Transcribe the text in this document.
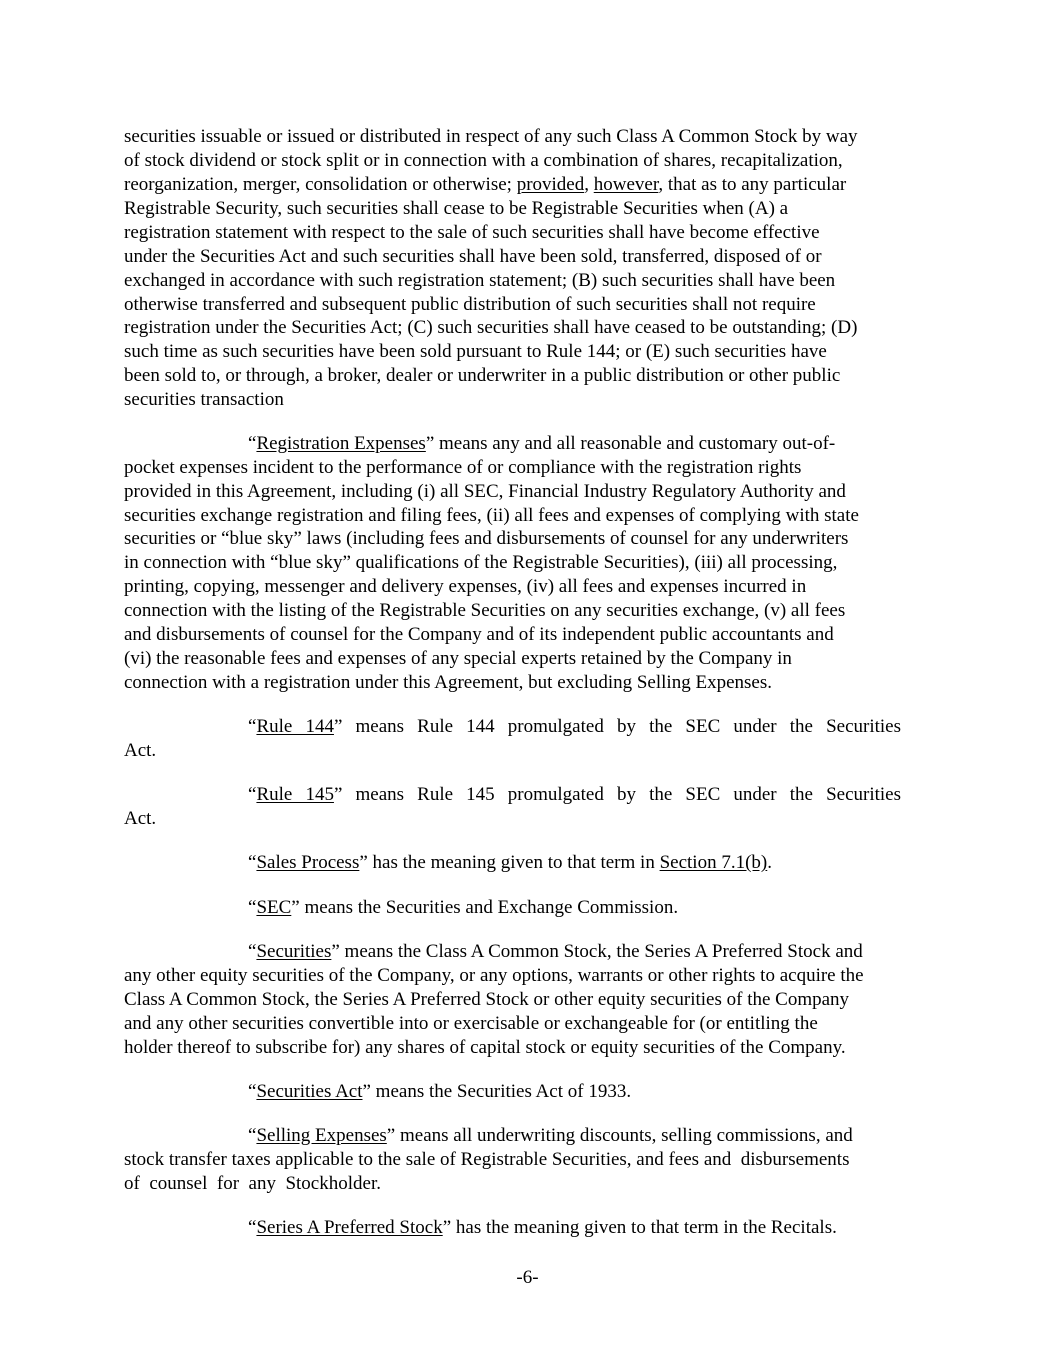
securities issuable or issued or distributed in respect of any such Class A Common Stock by way
of stock dividend or stock split or in connection with a combination of shares, recapitalization,
reorganization, merger, consolidation or otherwise; provided, however, that as to any particular
Registrable Security, such securities shall cease to be Registrable Securities when (A) a
registration statement with respect to the sale of such securities shall have become effective
under the Securities Act and such securities shall have been sold, transferred, disposed of or
exchanged in accordance with such registration statement; (B) such securities shall have been
otherwise transferred and subsequent public distribution of such securities shall not require
registration under the Securities Act; (C) such securities shall have ceased to be outstanding; (D)
such time as such securities have been sold pursuant to Rule 144; or (E) such securities have
been sold to, or through, a broker, dealer or underwriter in a public distribution or other public
securities transaction
“Registration Expenses” means any and all reasonable and customary out-of-
pocket expenses incident to the performance of or compliance with the registration rights
provided in this Agreement, including (i) all SEC, Financial Industry Regulatory Authority and
securities exchange registration and filing fees, (ii) all fees and expenses of complying with state
securities or “blue sky” laws (including fees and disbursements of counsel for any underwriters
in connection with “blue sky” qualifications of the Registrable Securities), (iii) all processing,
printing, copying, messenger and delivery expenses, (iv) all fees and expenses incurred in
connection with the listing of the Registrable Securities on any securities exchange, (v) all fees
and disbursements of counsel for the Company and of its independent public accountants and
(vi) the reasonable fees and expenses of any special experts retained by the Company in
connection with a registration under this Agreement, but excluding Selling Expenses.
“Rule 144” means Rule 144 promulgated by the SEC under the Securities
Act.
“Rule 145” means Rule 145 promulgated by the SEC under the Securities
Act.
“Sales Process” has the meaning given to that term in Section 7.1(b).
“SEC” means the Securities and Exchange Commission.
“Securities” means the Class A Common Stock, the Series A Preferred Stock and
any other equity securities of the Company, or any options, warrants or other rights to acquire the
Class A Common Stock, the Series A Preferred Stock or other equity securities of the Company
and any other securities convertible into or exercisable or exchangeable for (or entitling the
holder thereof to subscribe for) any shares of capital stock or equity securities of the Company.
“Securities Act” means the Securities Act of 1933.
“Selling Expenses” means all underwriting discounts, selling commissions, and
stock transfer taxes applicable to the sale of Registrable Securities, and fees and  disbursements
of  counsel  for  any  Stockholder.
“Series A Preferred Stock” has the meaning given to that term in the Recitals.
-6-
